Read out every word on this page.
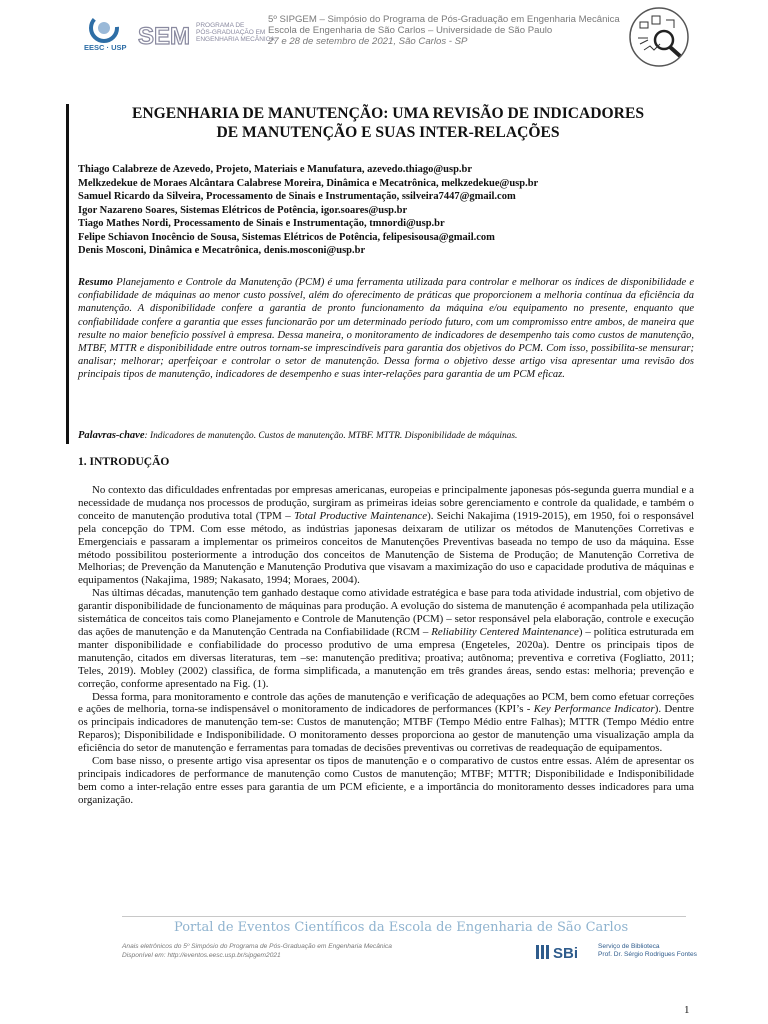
EESC · USP SEM PROGRAMA DE
PÓS-GRADUAÇÃO EM
ENGENHARIA MECÂNICA
5º SIPGEM – Simpósio do Programa de Pós-Graduação em Engenharia Mecânica
Escola de Engenharia de São Carlos – Universidade de São Paulo
27 e 28 de setembro de 2021, São Carlos - SP
ENGENHARIA DE MANUTENÇÃO: UMA REVISÃO DE INDICADORES
DE MANUTENÇÃO E SUAS INTER-RELAÇÕES
Thiago Calabreze de Azevedo, Projeto, Materiais e Manufatura, azevedo.thiago@usp.br
Melkzedekue de Moraes Alcântara Calabrese Moreira, Dinâmica e Mecatrônica, melkzedekue@usp.br
Samuel Ricardo da Silveira, Processamento de Sinais e Instrumentação, ssilveira7447@gmail.com
Igor Nazareno Soares, Sistemas Elétricos de Potência, igor.soares@usp.br
Tiago Mathes Nordi, Processamento de Sinais e Instrumentação, tmnordi@usp.br
Felipe Schiavon Inocêncio de Sousa, Sistemas Elétricos de Potência, felipesisousa@gmail.com
Denis Mosconi, Dinâmica e Mecatrônica, denis.mosconi@usp.br
Resumo Planejamento e Controle da Manutenção (PCM) é uma ferramenta utilizada para controlar e melhorar os índices de disponibilidade e confiabilidade de máquinas ao menor custo possível, além do oferecimento de práticas que proporcionem a melhoria contínua da eficiência da manutenção. A disponibilidade confere a garantia de pronto funcionamento da máquina e/ou equipamento no presente, enquanto que confiabilidade confere a garantia que esses funcionarão por um determinado período futuro, com um compromisso entre ambos, de maneira que resulte no maior benefício possível à empresa. Dessa maneira, o monitoramento de indicadores de desempenho tais como custos de manutenção, MTBF, MTTR e disponibilidade entre outros tornam-se imprescindíveis para garantia dos objetivos do PCM. Com isso, possibilita-se mensurar; analisar; melhorar; aperfeiçoar e controlar o setor de manutenção. Dessa forma o objetivo desse artigo visa apresentar uma revisão dos principais tipos de manutenção, indicadores de desempenho e suas inter-relações para garantia de um PCM eficaz.
Palavras-chave: Indicadores de manutenção. Custos de manutenção. MTBF. MTTR. Disponibilidade de máquinas.
1. INTRODUÇÃO

No contexto das dificuldades enfrentadas por empresas americanas, europeias e principalmente japonesas pós-segunda guerra mundial e a necessidade de mudança nos processos de produção, surgiram as primeiras ideias sobre gerenciamento e controle da qualidade, e também o conceito de manutenção produtiva total (TPM – Total Productive Maintenance). Seichi Nakajima (1919-2015), em 1950, foi o responsável pela concepção do TPM. Com esse método, as indústrias japonesas deixaram de utilizar os métodos de Manutenções Corretivas e Emergenciais e passaram a implementar os primeiros conceitos de Manutenções Preventivas baseada no tempo de uso da máquina. Esse método possibilitou posteriormente a introdução dos conceitos de Manutenção de Sistema de Produção; de Manutenção Corretiva de Melhorias; de Prevenção da Manutenção e Manutenção Produtiva que visavam a maximização do uso e capacidade produtiva de máquinas e equipamentos (Nakajima, 1989; Nakasato, 1994; Moraes, 2004).

Nas últimas décadas, manutenção tem ganhado destaque como atividade estratégica e base para toda atividade industrial, com objetivo de garantir disponibilidade de funcionamento de máquinas para produção. A evolução do sistema de manutenção é acompanhada pela utilização sistemática de conceitos tais como Planejamento e Controle de Manutenção (PCM) – setor responsável pela elaboração, controle e execução das ações de manutenção e da Manutenção Centrada na Confiabilidade (RCM – Reliability Centered Maintenance) – política estruturada em manter disponibilidade e confiabilidade do processo produtivo de uma empresa (Engeteles, 2020a). Dentre os principais tipos de manutenção, citados em diversas literaturas, tem –se: manutenção preditiva; proativa; autônoma; preventiva e corretiva (Fogliatto, 2011; Teles, 2019). Mobley (2002) classifica, de forma simplificada, a manutenção em três grandes áreas, sendo estas: melhoria; prevenção e correção, conforme apresentado na Fig. (1).

Dessa forma, para monitoramento e controle das ações de manutenção e verificação de adequações ao PCM, bem como efetuar correções e ações de melhoria, torna-se indispensável o monitoramento de indicadores de performances (KPI’s - Key Performance Indicator). Dentre os principais indicadores de manutenção tem-se: Custos de manutenção; MTBF (Tempo Médio entre Falhas); MTTR (Tempo Médio entre Reparos); Disponibilidade e Indisponibilidade. O monitoramento desses proporciona ao gestor de manutenção uma visualização ampla da eficiência do setor de manutenção e ferramentas para tomadas de decisões preventivas ou corretivas de readequação de equipamentos.

Com base nisso, o presente artigo visa apresentar os tipos de manutenção e o comparativo de custos entre essas. Além de apresentar os principais indicadores de performance de manutenção como Custos de manutenção; MTBF; MTTR; Disponibilidade e Indisponibilidade bem como a inter-relação entre esses para garantia de um PCM eficiente, e a importância do monitoramento desses indicadores para uma organização.

Portal de Eventos Científicos da Escola de Engenharia de São Carlos
Anais eletrônicos do 5º Simpósio do Programa de Pós-Graduação em Engenharia Mecânica
Disponível em: http://eventos.eesc.usp.br/sipgem2021	SBi	Serviço de Biblioteca
Prof. Dr. Sérgio Rodrigues Fontes
1
